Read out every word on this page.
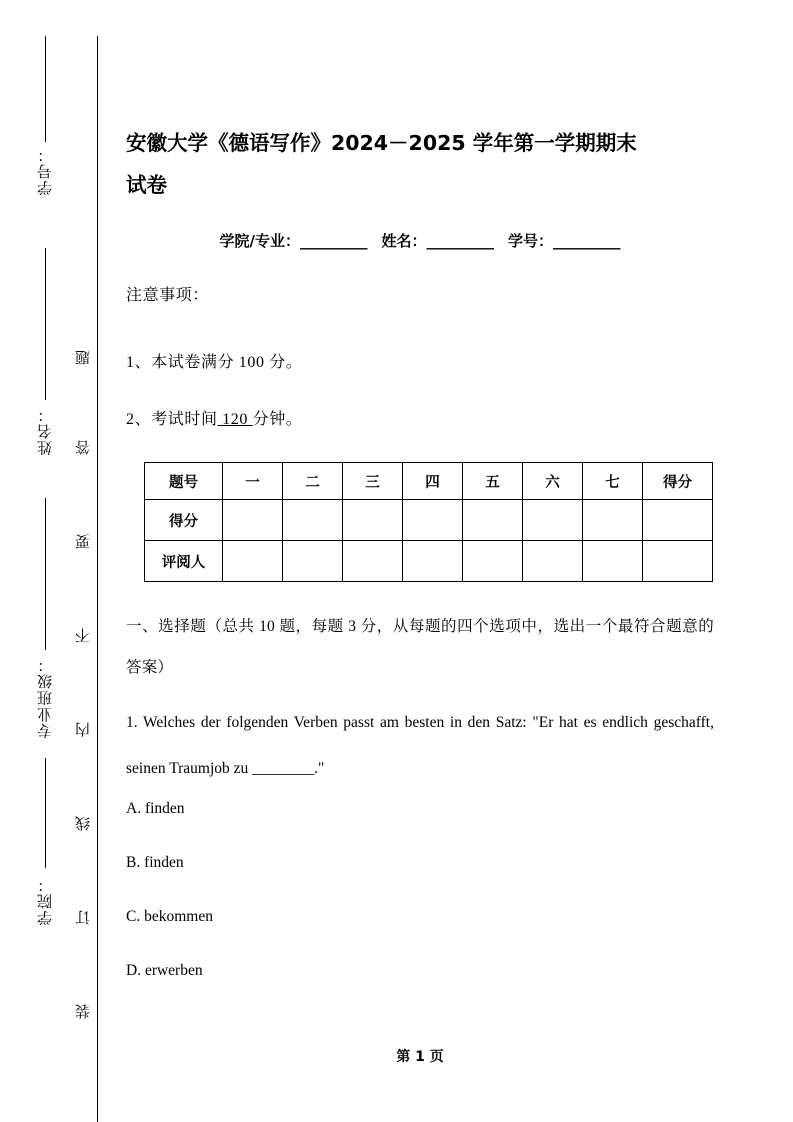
学号：
姓名：
专业班级：
学院：
题
答
要
不
内
线
订
装
安徽大学《德语写作》2024－2025 学年第一学期期末
试卷
学院/专业：_________ 姓名：_________ 学号：_________
注意事项：
1、本试卷满分 100 分。
2、考试时间 120 分钟。
题号	一	二	三	四	五	六	七	得分
得分								
评阅人								
一、选择题（总共 10 题，每题 3 分，从每题的四个选项中，选出一个最符合题意的答案）
1. Welches der folgenden Verben passt am besten in den Satz: "Er hat es endlich geschafft, seinen Traumjob zu ________."
A. finden
B. finden
C. bekommen
D. erwerben
第 1 页
